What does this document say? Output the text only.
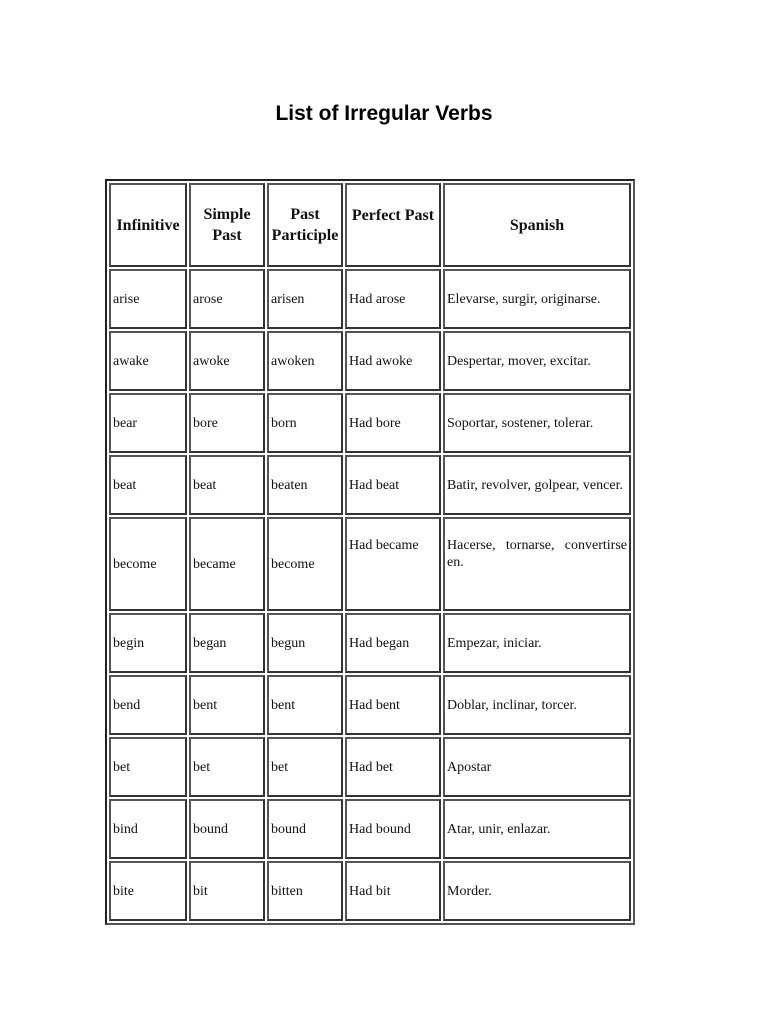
List of Irregular Verbs
Infinitive	Simple Past	Past Participle	Perfect Past	Spanish
arise	arose	arisen	Had arose	Elevarse, surgir, originarse.
awake	awoke	awoken	Had awoke	Despertar, mover, excitar.
bear	bore	born	Had bore	Soportar, sostener, tolerar.
beat	beat	beaten	Had beat	Batir, revolver, golpear, vencer.
become	became	become	Had became	Hacerse, tornarse, convertirse en.
begin	began	begun	Had began	Empezar, iniciar.
bend	bent	bent	Had bent	Doblar, inclinar, torcer.
bet	bet	bet	Had bet	Apostar
bind	bound	bound	Had bound	Atar, unir, enlazar.
bite	bit	bitten	Had bit	Morder.
